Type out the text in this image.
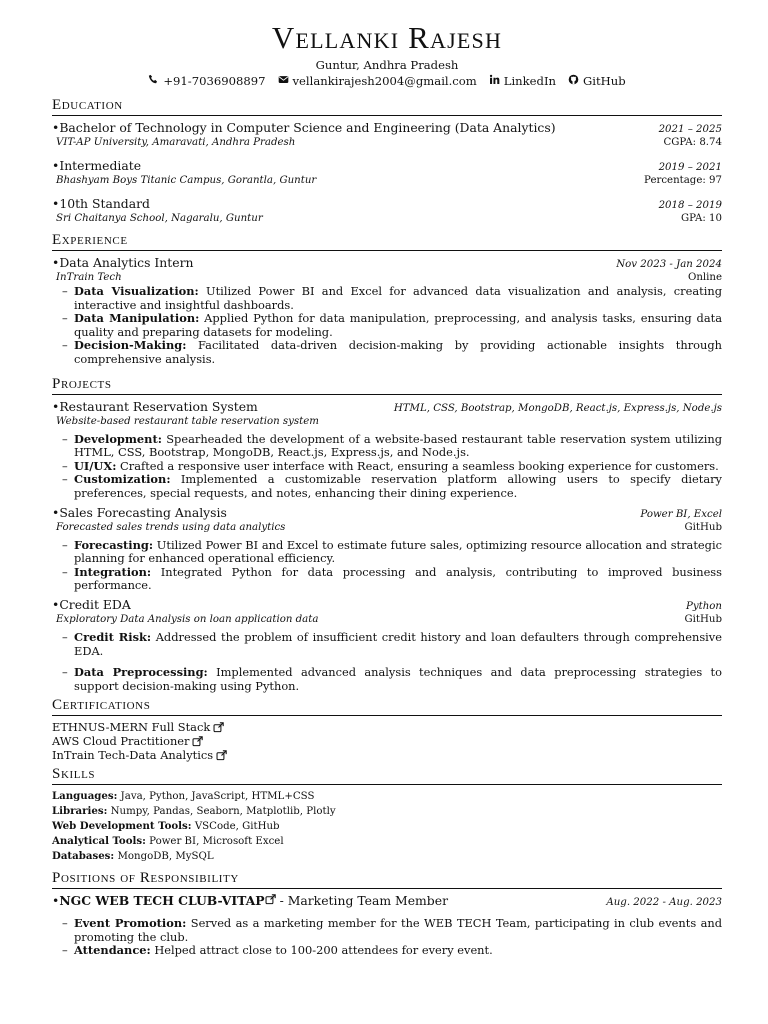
Vellanki Rajesh
Guntur, Andhra Pradesh
+91-7036908897 vellankirajesh2004@gmail.com LinkedIn GitHub
Education
•Bachelor of Technology in Computer Science and Engineering (Data Analytics)	2021 – 2025
VIT-AP University, Amaravati, Andhra Pradesh	CGPA: 8.74
•Intermediate	2019 – 2021
Bhashyam Boys Titanic Campus, Gorantla, Guntur	Percentage: 97
•10th Standard	2018 – 2019
Sri Chaitanya School, Nagaralu, Guntur	GPA: 10
Experience
•Data Analytics Intern	Nov 2023 - Jan 2024
InTrain Tech	Online
– Data Visualization: Utilized Power BI and Excel for advanced data visualization and analysis, creating interactive and insightful dashboards.
– Data Manipulation: Applied Python for data manipulation, preprocessing, and analysis tasks, ensuring data quality and preparing datasets for modeling.
– Decision-Making: Facilitated data-driven decision-making by providing actionable insights through comprehensive analysis.
Projects
•Restaurant Reservation System	HTML, CSS, Bootstrap, MongoDB, React.js, Express.js, Node.js
Website-based restaurant table reservation system
– Development: Spearheaded the development of a website-based restaurant table reservation system utilizing HTML, CSS, Bootstrap, MongoDB, React.js, Express.js, and Node.js.
– UI/UX: Crafted a responsive user interface with React, ensuring a seamless booking experience for customers.
– Customization: Implemented a customizable reservation platform allowing users to specify dietary preferences, special requests, and notes, enhancing their dining experience.
•Sales Forecasting Analysis	Power BI, Excel
Forecasted sales trends using data analytics	GitHub
– Forecasting: Utilized Power BI and Excel to estimate future sales, optimizing resource allocation and strategic planning for enhanced operational efficiency.
– Integration: Integrated Python for data processing and analysis, contributing to improved business performance.
•Credit EDA	Python
Exploratory Data Analysis on loan application data	GitHub
– Credit Risk: Addressed the problem of insufficient credit history and loan defaulters through comprehensive EDA.
– Data Preprocessing: Implemented advanced analysis techniques and data preprocessing strategies to support decision-making using Python.
Certifications
ETHNUS-MERN Full Stack
AWS Cloud Practitioner
InTrain Tech-Data Analytics
Skills
Languages: Java, Python, JavaScript, HTML+CSS
Libraries: Numpy, Pandas, Seaborn, Matplotlib, Plotly
Web Development Tools: VSCode, GitHub
Analytical Tools: Power BI, Microsoft Excel
Databases: MongoDB, MySQL
Positions of Responsibility
•NGC WEB TECH CLUB-VITAP - Marketing Team Member	Aug. 2022 - Aug. 2023
– Event Promotion: Served as a marketing member for the WEB TECH Team, participating in club events and promoting the club.
– Attendance: Helped attract close to 100-200 attendees for every event.
